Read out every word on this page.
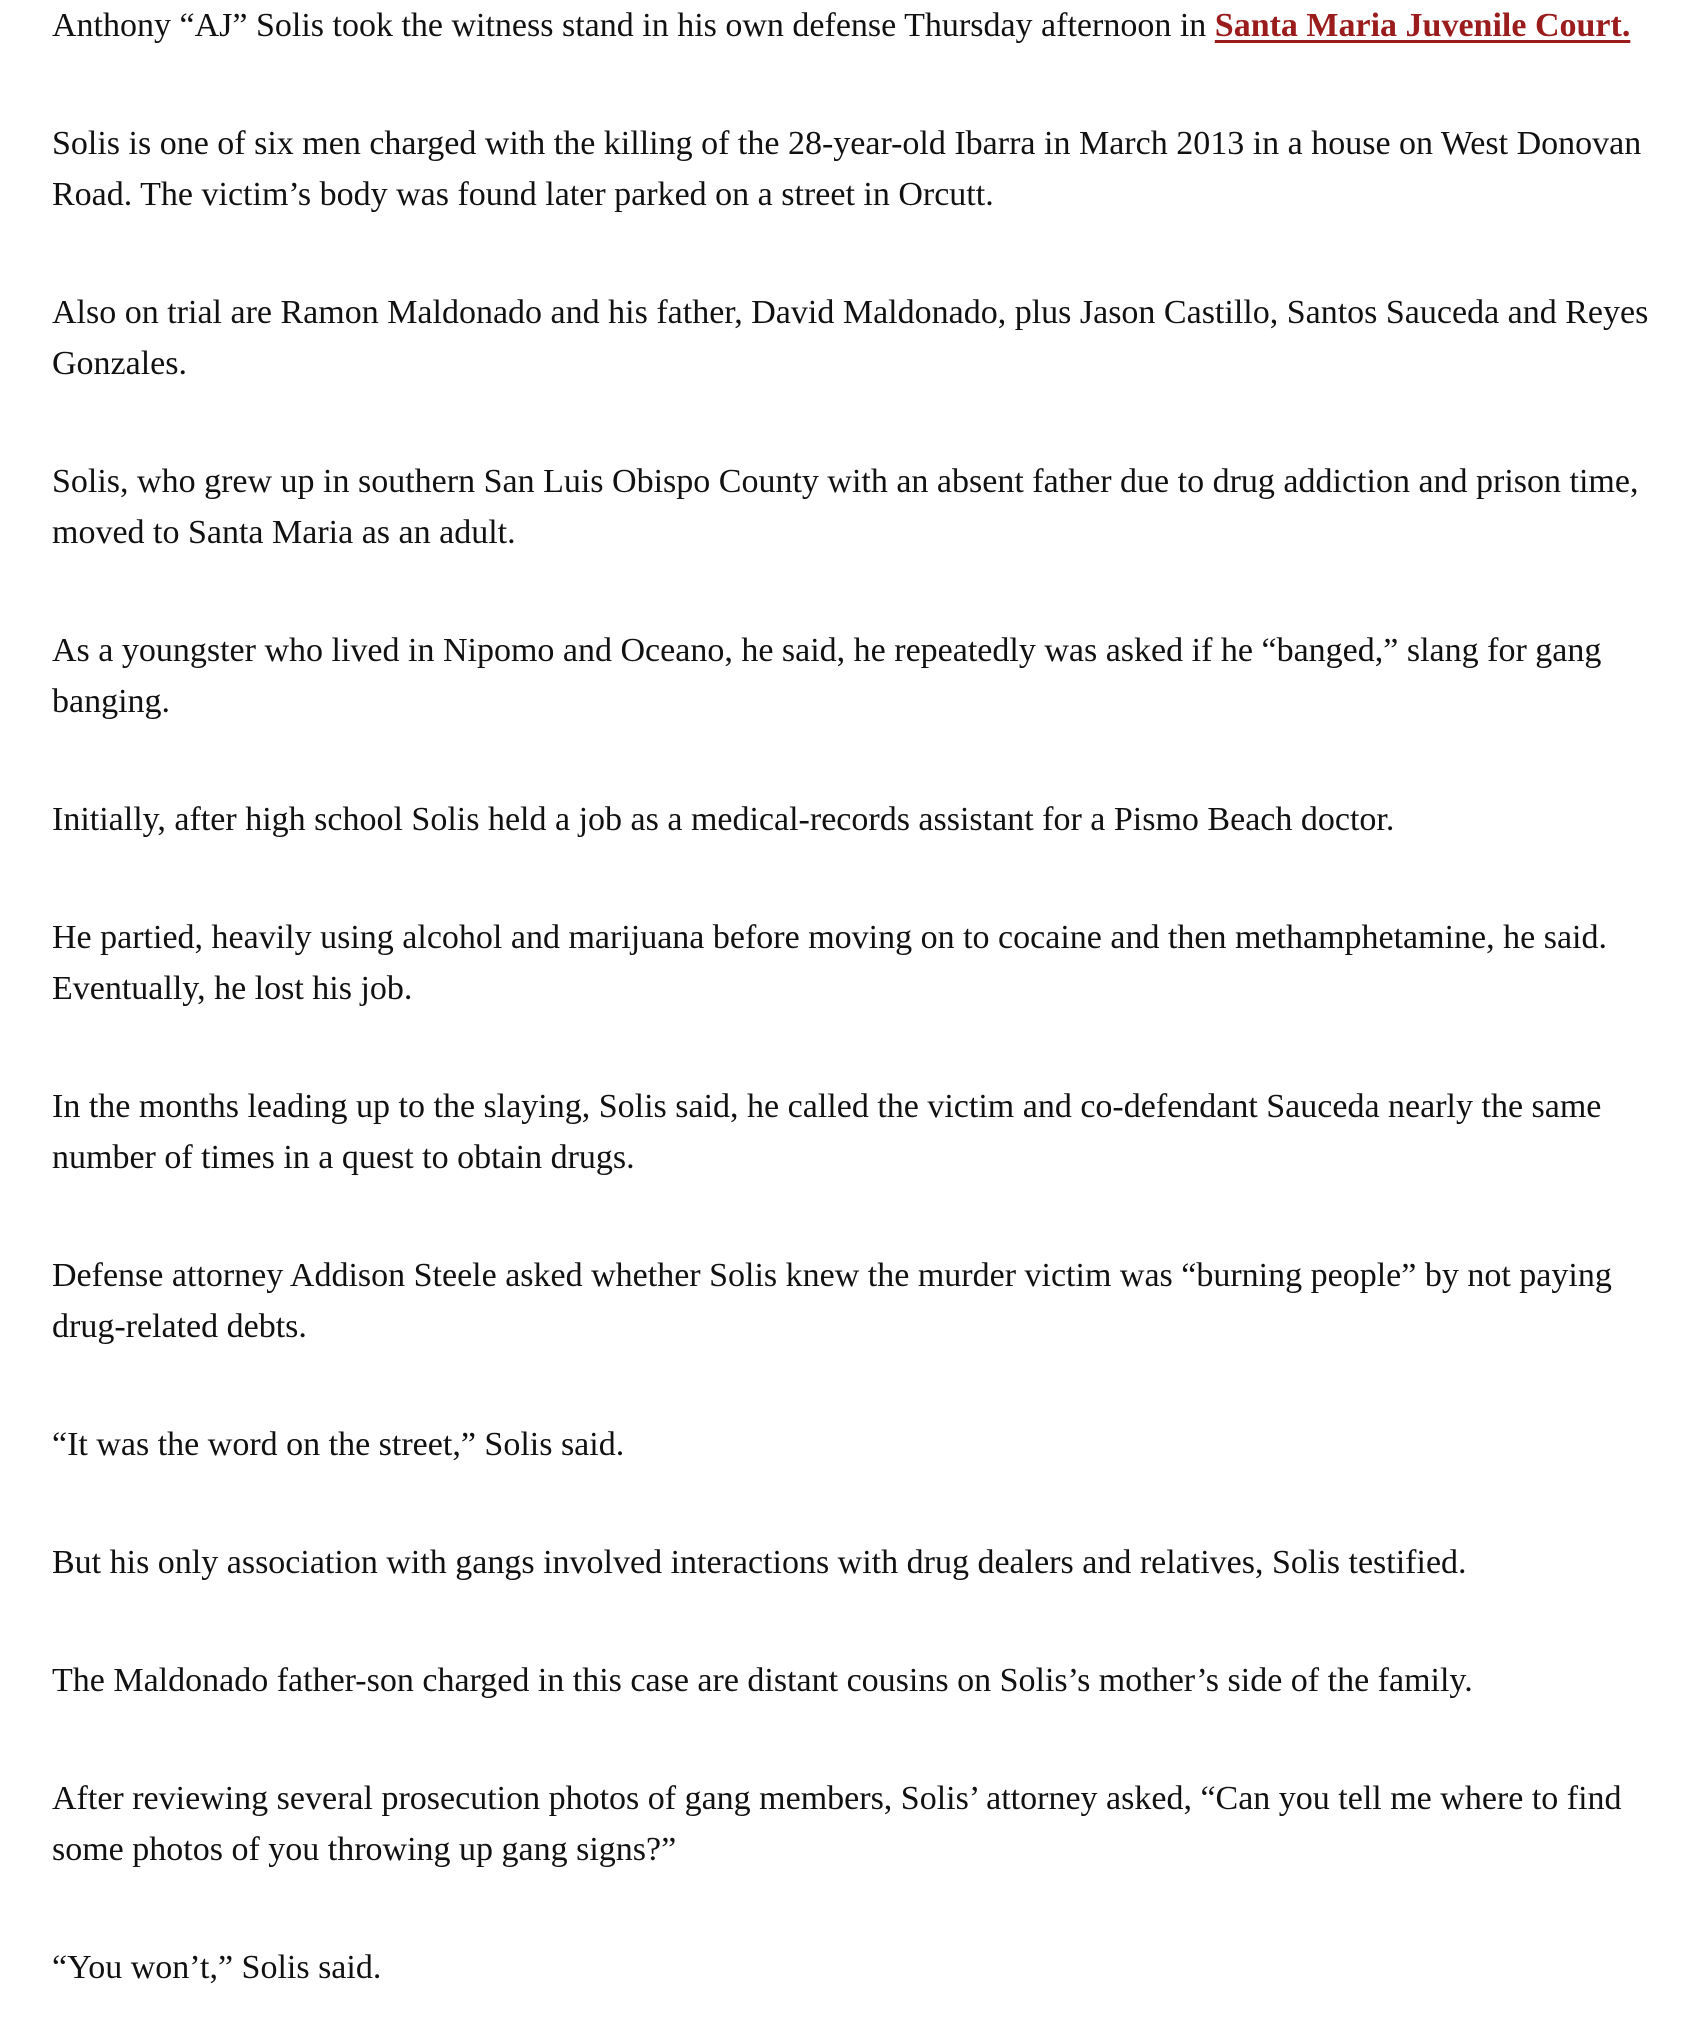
Anthony “AJ” Solis took the witness stand in his own defense Thursday afternoon in Santa Maria Juvenile Court.

Solis is one of six men charged with the killing of the 28-year-old Ibarra in March 2013 in a house on West Donovan Road. The victim’s body was found later parked on a street in Orcutt.

Also on trial are Ramon Maldonado and his father, David Maldonado, plus Jason Castillo, Santos Sauceda and Reyes Gonzales.

Solis, who grew up in southern San Luis Obispo County with an absent father due to drug addiction and prison time, moved to Santa Maria as an adult.

As a youngster who lived in Nipomo and Oceano, he said, he repeatedly was asked if he “banged,” slang for gang banging.

Initially, after high school Solis held a job as a medical-records assistant for a Pismo Beach doctor.

He partied, heavily using alcohol and marijuana before moving on to cocaine and then methamphetamine, he said. Eventually, he lost his job.

In the months leading up to the slaying, Solis said, he called the victim and co-defendant Sauceda nearly the same number of times in a quest to obtain drugs.

Defense attorney Addison Steele asked whether Solis knew the murder victim was “burning people” by not paying drug-related debts.

“It was the word on the street,” Solis said.

But his only association with gangs involved interactions with drug dealers and relatives, Solis testified.

The Maldonado father-son charged in this case are distant cousins on Solis’s mother’s side of the family.

After reviewing several prosecution photos of gang members, Solis’ attorney asked, “Can you tell me where to find some photos of you throwing up gang signs?”

“You won’t,” Solis said.
